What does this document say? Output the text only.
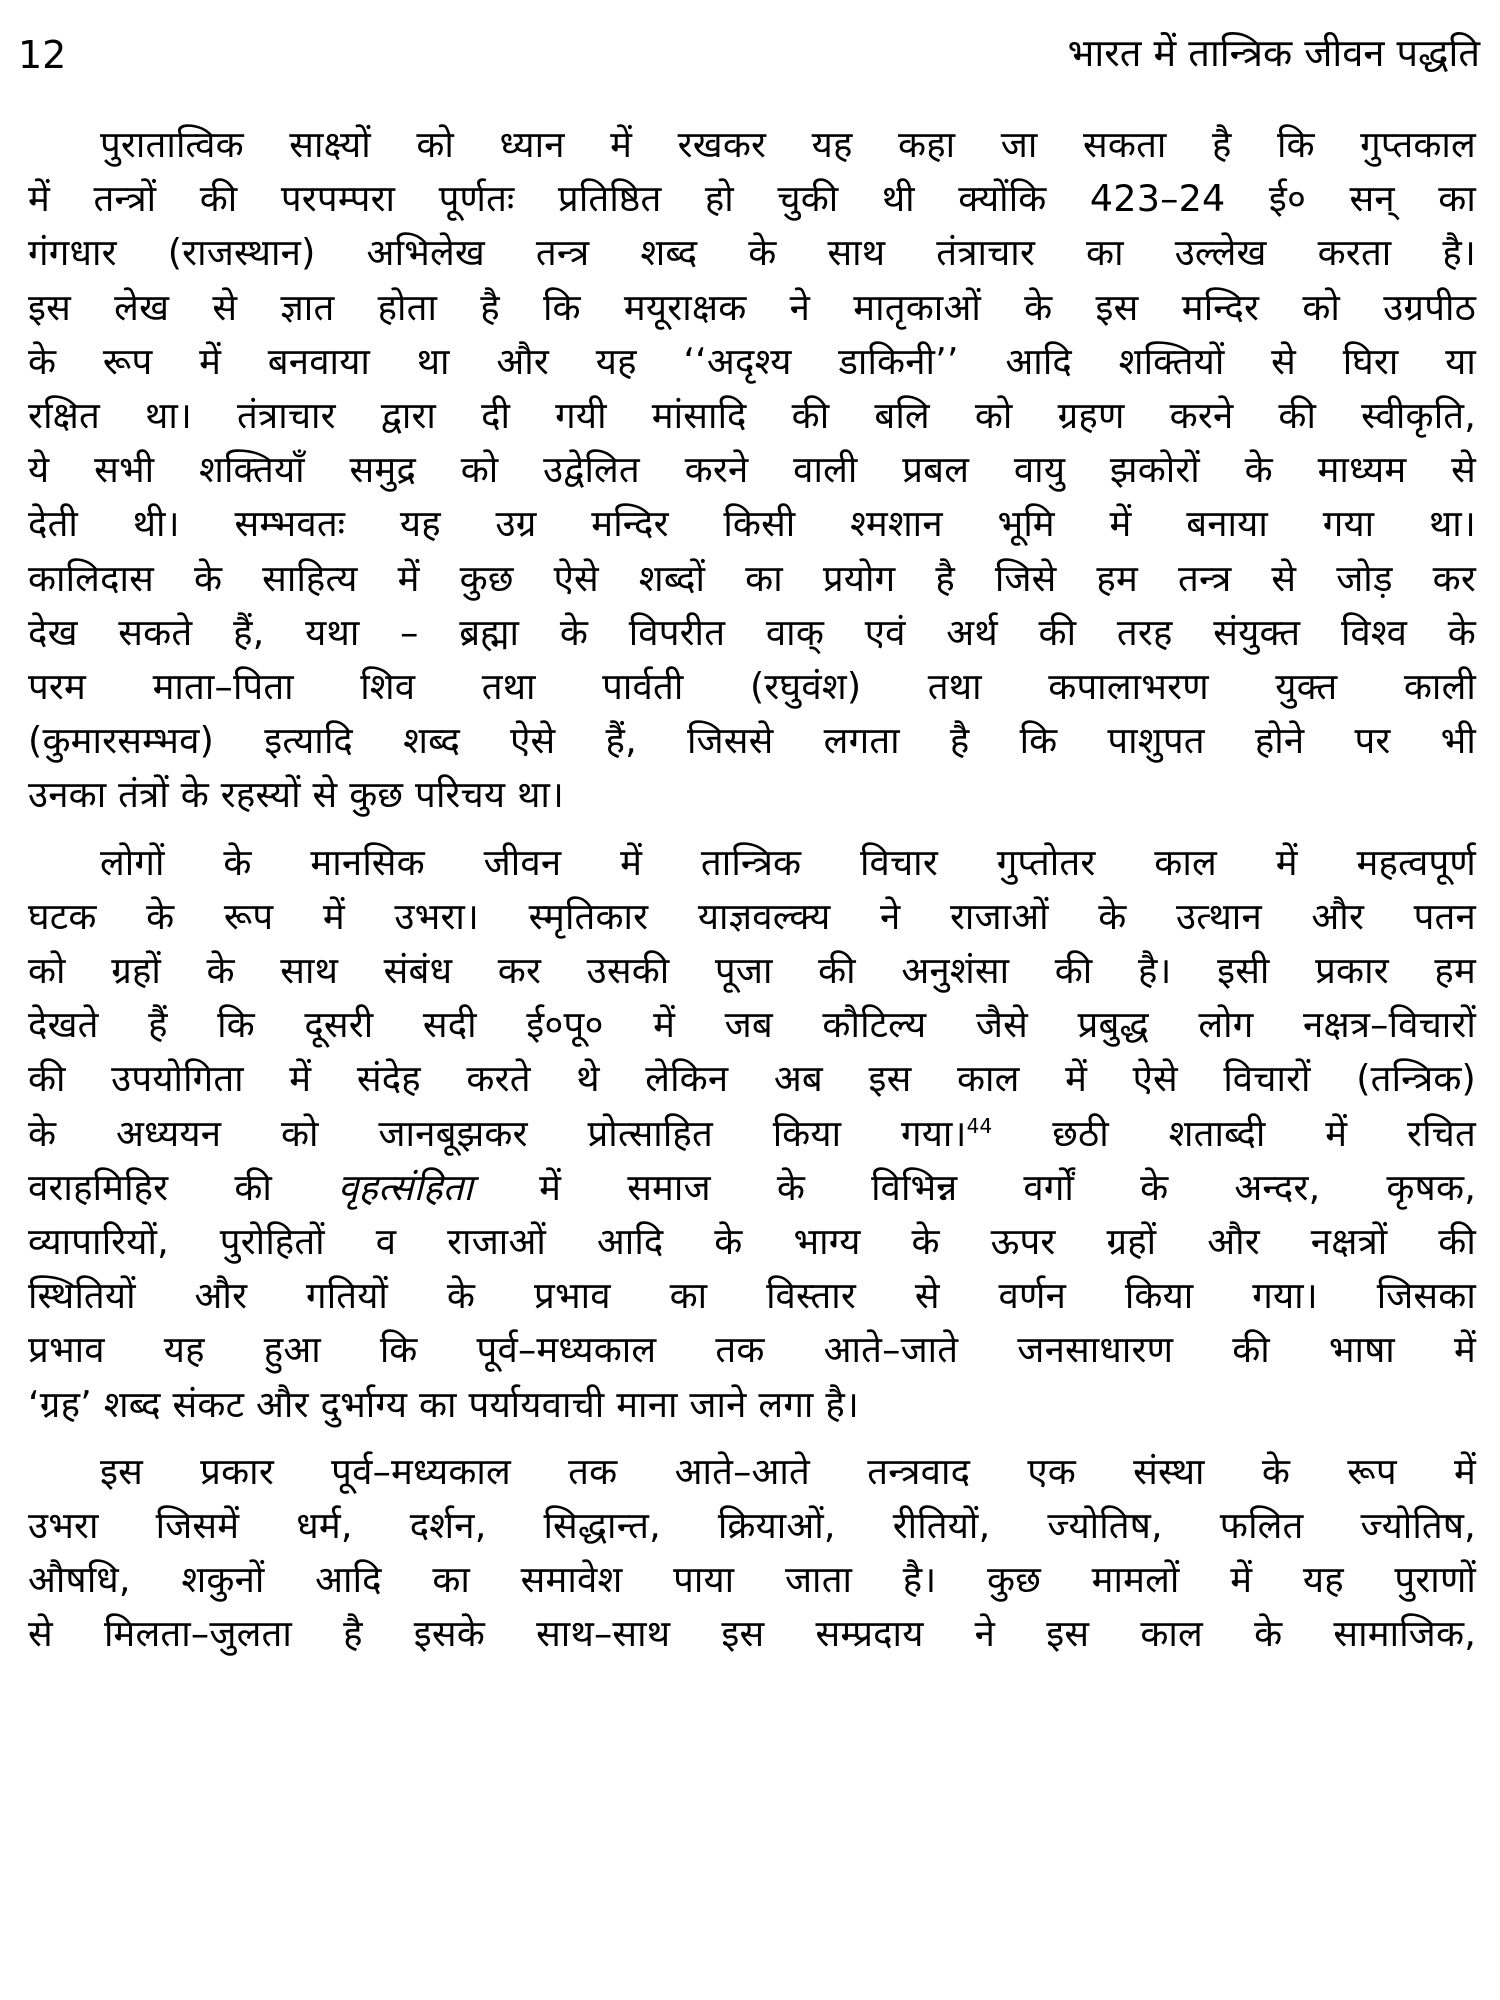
12	भारत में तान्त्रिक जीवन पद्धति
पुरातात्विक साक्ष्यों को ध्यान में रखकर यह कहा जा सकता है कि गुप्तकाल
में तन्त्रों की परपम्परा पूर्णतः प्रतिष्ठित हो चुकी थी क्योंकि 423–24 ई० सन् का
गंगधार (राजस्थान) अभिलेख तन्त्र शब्द के साथ तंत्राचार का उल्लेख करता है।
इस लेख से ज्ञात होता है कि मयूराक्षक ने मातृकाओं के इस मन्दिर को उग्रपीठ
के रूप में बनवाया था और यह ‘‘अदृश्य डाकिनी’’ आदि शक्तियों से घिरा या
रक्षित था। तंत्राचार द्वारा दी गयी मांसादि की बलि को ग्रहण करने की स्वीकृति,
ये सभी शक्तियाँ समुद्र को उद्वेलित करने वाली प्रबल वायु झकोरों के माध्यम से
देती थी। सम्भवतः यह उग्र मन्दिर किसी श्मशान भूमि में बनाया गया था।
कालिदास के साहित्य में कुछ ऐसे शब्दों का प्रयोग है जिसे हम तन्त्र से जोड़ कर
देख सकते हैं, यथा – ब्रह्मा के विपरीत वाक् एवं अर्थ की तरह संयुक्त विश्व के
परम माता–पिता शिव तथा पार्वती (रघुवंश) तथा कपालाभरण युक्त काली
(कुमारसम्भव) इत्यादि शब्द ऐसे हैं, जिससे लगता है कि पाशुपत होने पर भी
उनका तंत्रों के रहस्यों से कुछ परिचय था।
लोगों के मानसिक जीवन में तान्त्रिक विचार गुप्तोतर काल में महत्वपूर्ण
घटक के रूप में उभरा। स्मृतिकार याज्ञवल्क्य ने राजाओं के उत्थान और पतन
को ग्रहों के साथ संबंध कर उसकी पूजा की अनुशंसा की है। इसी प्रकार हम
देखते हैं कि दूसरी सदी ई०पू० में जब कौटिल्य जैसे प्रबुद्ध लोग नक्षत्र–विचारों
की उपयोगिता में संदेह करते थे लेकिन अब इस काल में ऐसे विचारों (तन्त्रिक)
के अध्ययन को जानबूझकर प्रोत्साहित किया गया।$^{44}$ छठी शताब्दी में रचित
वराहमिहिर की वृहत्संहिता में समाज के विभिन्न वर्गों के अन्दर, कृषक,
व्यापारियों, पुरोहितों व राजाओं आदि के भाग्य के ऊपर ग्रहों और नक्षत्रों की
स्थितियों और गतियों के प्रभाव का विस्तार से वर्णन किया गया। जिसका
प्रभाव यह हुआ कि पूर्व–मध्यकाल तक आते–जाते जनसाधारण की भाषा में
‘ग्रह’ शब्द संकट और दुर्भाग्य का पर्यायवाची माना जाने लगा है।
इस प्रकार पूर्व–मध्यकाल तक आते–आते तन्त्रवाद एक संस्था के रूप में
उभरा जिसमें धर्म, दर्शन, सिद्धान्त, क्रियाओं, रीतियों, ज्योतिष, फलित ज्योतिष,
औषधि, शकुनों आदि का समावेश पाया जाता है। कुछ मामलों में यह पुराणों
से मिलता–जुलता है इसके साथ–साथ इस सम्प्रदाय ने इस काल के सामाजिक,
